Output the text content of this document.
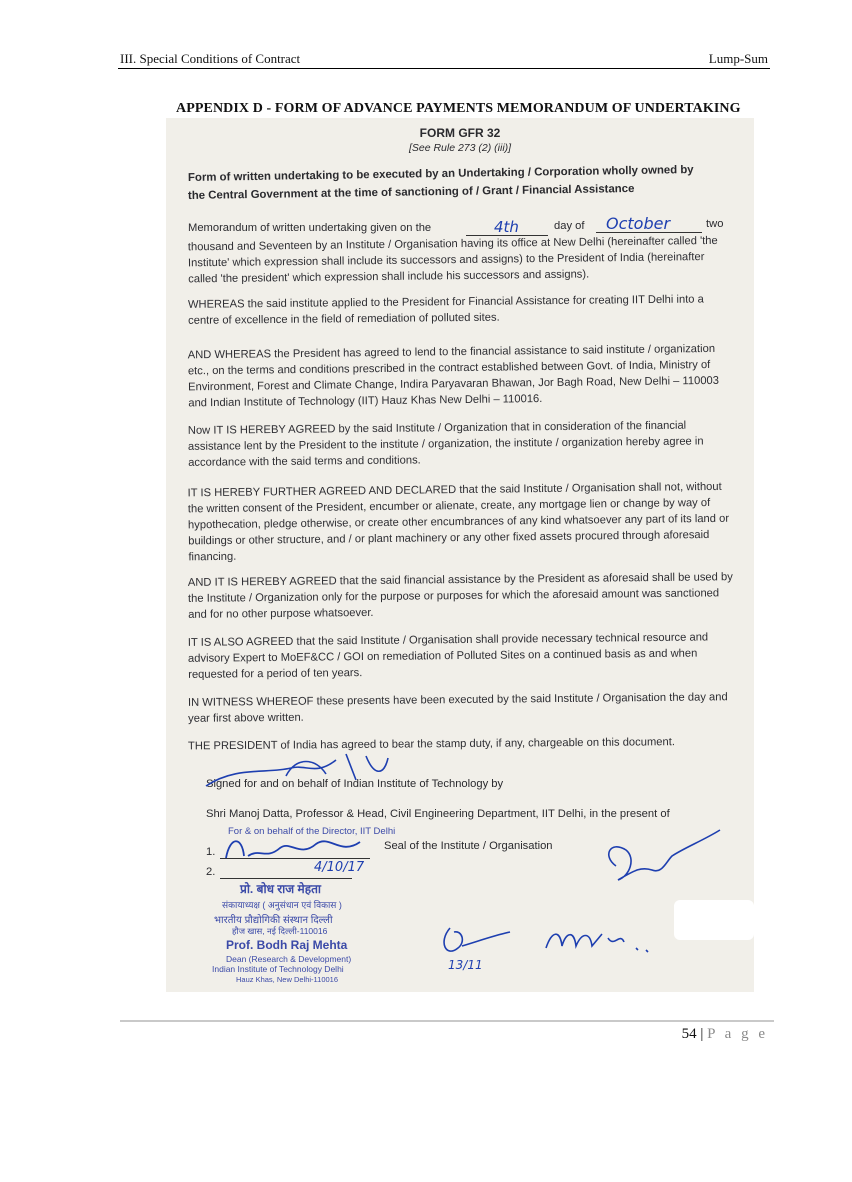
III. Special Conditions of Contract	Lump-Sum
APPENDIX D - FORM OF ADVANCE PAYMENTS MEMORANDUM OF UNDERTAKING
FORM GFR 32
[See Rule 273 (2) (iii)]
Form of written undertaking to be executed by an Undertaking / Corporation wholly owned by
the Central Government at the time of sanctioning of / Grant / Financial Assistance
Memorandum of written undertaking given on the	4th	day of October	two
thousand and Seventeen by an Institute / Organisation having its office at New Delhi (hereinafter called 'the Institute' which expression shall include its successors and assigns) to the President of India (hereinafter called 'the president' which expression shall include his successors and assigns).
WHEREAS the said institute applied to the President for Financial Assistance for creating IIT Delhi into a centre of excellence in the field of remediation of polluted sites.
AND WHEREAS the President has agreed to lend to the financial assistance to said institute / organization etc., on the terms and conditions prescribed in the contract established between Govt. of India, Ministry of Environment, Forest and Climate Change, Indira Paryavaran Bhawan, Jor Bagh Road, New Delhi – 110003 and Indian Institute of Technology (IIT) Hauz Khas New Delhi – 110016.
Now IT IS HEREBY AGREED by the said Institute / Organization that in consideration of the financial assistance lent by the President to the institute / organization, the institute / organization hereby agree in accordance with the said terms and conditions.
IT IS HEREBY FURTHER AGREED AND DECLARED that the said Institute / Organisation shall not, without the written consent of the President, encumber or alienate, create, any mortgage lien or change by way of hypothecation, pledge otherwise, or create other encumbrances of any kind whatsoever any part of its land or buildings or other structure, and / or plant machinery or any other fixed assets procured through aforesaid financing.
AND IT IS HEREBY AGREED that the said financial assistance by the President as aforesaid shall be used by the Institute / Organization only for the purpose or purposes for which the aforesaid amount was sanctioned and for no other purpose whatsoever.
IT IS ALSO AGREED that the said Institute / Organisation shall provide necessary technical resource and advisory Expert to MoEF&CC / GOI on remediation of Polluted Sites on a continued basis as and when requested for a period of ten years.
IN WITNESS WHEREOF these presents have been executed by the said Institute / Organisation the day and year first above written.
THE PRESIDENT of India has agreed to bear the stamp duty, if any, chargeable on this document.
Signed for and on behalf of Indian Institute of Technology by
Shri Manoj Datta, Professor & Head, Civil Engineering Department, IIT Delhi, in the present of
For & on behalf of the Director, IIT Delhi
1.	Seal of the Institute / Organisation
2.	4/10/17
प्रो. बोध राज मेहता
संकायाध्यक्ष ( अनुसंधान एवं विकास )
भारतीय प्रौद्योगिकी संस्थान दिल्ली
हौज खास, नई दिल्ली-110016
Prof. Bodh Raj Mehta
Dean (Research & Development)
Indian Institute of Technology Delhi
Hauz Khas, New Delhi-110016
13/11
54 | P a g e
